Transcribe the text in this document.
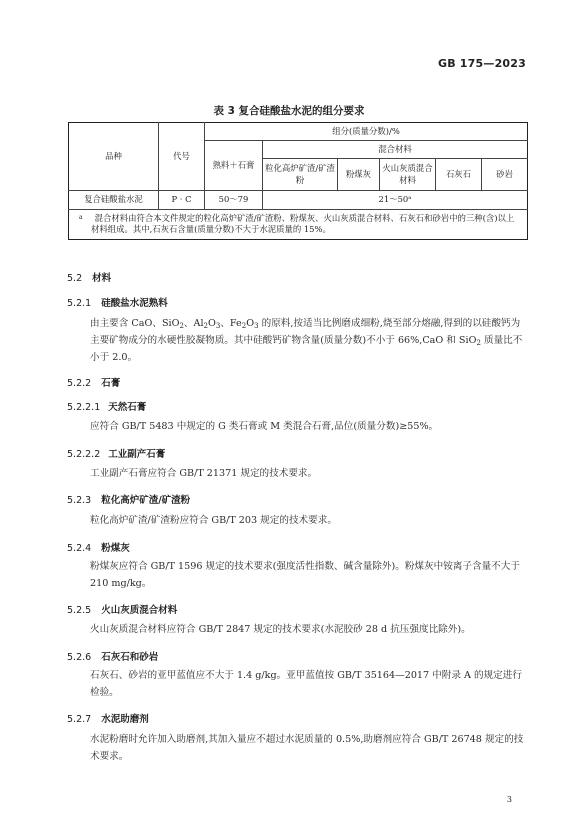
GB 175—2023
表 3 复合硅酸盐水泥的组分要求
品种	代号	组分(质量分数)/%					
		熟料＋石膏	混合材料				
			粒化高炉矿渣/矿渣粉	粉煤灰	火山灰质混合材料	石灰石	砂岩
复合硅酸盐水泥	P · C	50～79	21～50ᵃ				
$^a$ 混合材料由符合本文件规定的粒化高炉矿渣/矿渣粉、粉煤灰、火山灰质混合材料、石灰石和砂岩中的三种(含)以上材料组成。其中,石灰石含量(质量分数)不大于水泥质量的 15%。							
5.2 材料
5.2.1 硅酸盐水泥熟料
由主要含 CaO、SiO$_2$、$Al_2O_3$、$Fe_2O_3$ 的原料,按适当比例磨成细粉,烧至部分熔融,得到的以硅酸钙为主要矿物成分的水硬性胶凝物质。其中硅酸钙矿物含量(质量分数)不小于 66%,CaO 和 SiO$_2$ 质量比不小于 2.0。
5.2.2 石膏
5.2.2.1 天然石膏
应符合 GB/T 5483 中规定的 G 类石膏或 M 类混合石膏,品位(质量分数)≥55%。
5.2.2.2 工业副产石膏
工业副产石膏应符合 GB/T 21371 规定的技术要求。
5.2.3 粒化高炉矿渣/矿渣粉
粒化高炉矿渣/矿渣粉应符合 GB/T 203 规定的技术要求。
5.2.4 粉煤灰
粉煤灰应符合 GB/T 1596 规定的技术要求(强度活性指数、碱含量除外)。粉煤灰中铵离子含量不大于 210 mg/kg。
5.2.5 火山灰质混合材料
火山灰质混合材料应符合 GB/T 2847 规定的技术要求(水泥胶砂 28 d 抗压强度比除外)。
5.2.6 石灰石和砂岩
石灰石、砂岩的亚甲蓝值应不大于 1.4 g/kg。亚甲蓝值按 GB/T 35164—2017 中附录 A 的规定进行检验。
5.2.7 水泥助磨剂
水泥粉磨时允许加入助磨剂,其加入量应不超过水泥质量的 0.5%,助磨剂应符合 GB/T 26748 规定的技术要求。
3
